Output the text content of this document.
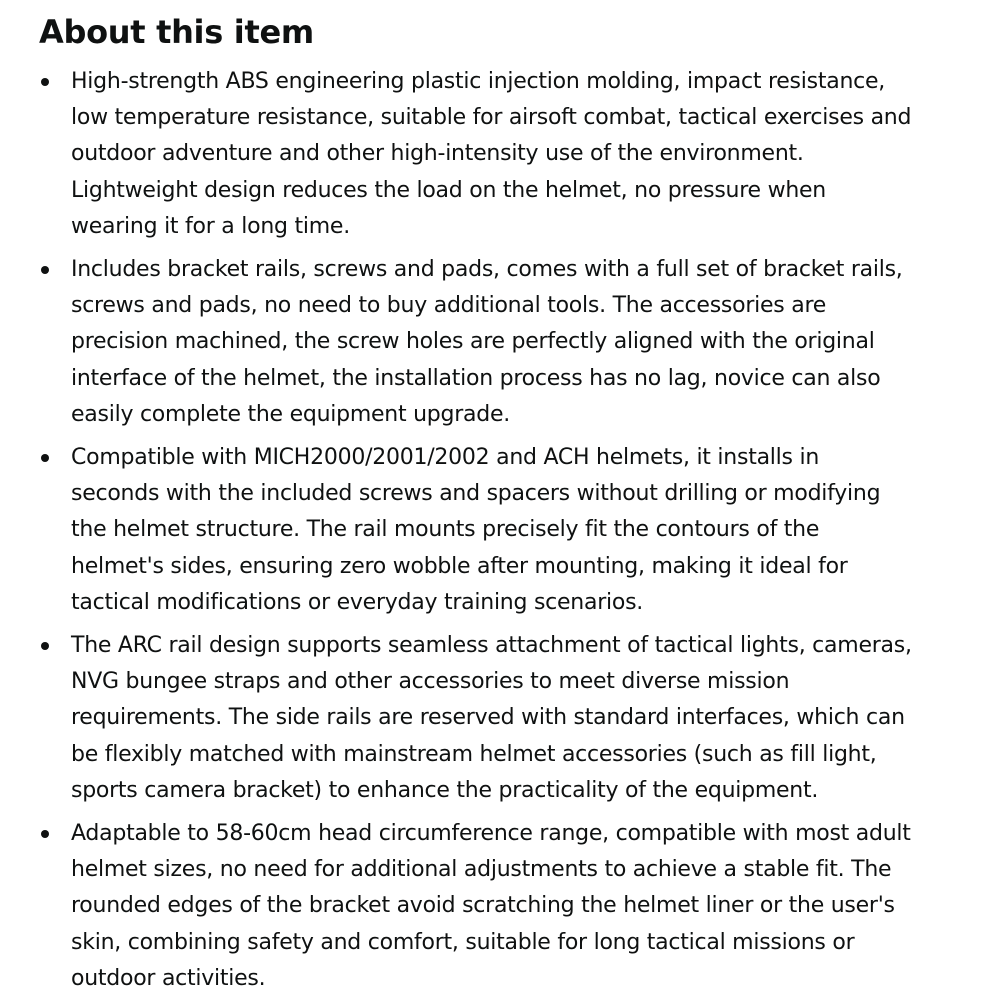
About this item
High-strength ABS engineering plastic injection molding, impact resistance,
low temperature resistance, suitable for airsoft combat, tactical exercises and
outdoor adventure and other high-intensity use of the environment.
Lightweight design reduces the load on the helmet, no pressure when
wearing it for a long time.
Includes bracket rails, screws and pads, comes with a full set of bracket rails,
screws and pads, no need to buy additional tools. The accessories are
precision machined, the screw holes are perfectly aligned with the original
interface of the helmet, the installation process has no lag, novice can also
easily complete the equipment upgrade.
Compatible with MICH2000/2001/2002 and ACH helmets, it installs in
seconds with the included screws and spacers without drilling or modifying
the helmet structure. The rail mounts precisely fit the contours of the
helmet's sides, ensuring zero wobble after mounting, making it ideal for
tactical modifications or everyday training scenarios.
The ARC rail design supports seamless attachment of tactical lights, cameras,
NVG bungee straps and other accessories to meet diverse mission
requirements. The side rails are reserved with standard interfaces, which can
be flexibly matched with mainstream helmet accessories (such as fill light,
sports camera bracket) to enhance the practicality of the equipment.
Adaptable to 58-60cm head circumference range, compatible with most adult
helmet sizes, no need for additional adjustments to achieve a stable fit. The
rounded edges of the bracket avoid scratching the helmet liner or the user's
skin, combining safety and comfort, suitable for long tactical missions or
outdoor activities.
